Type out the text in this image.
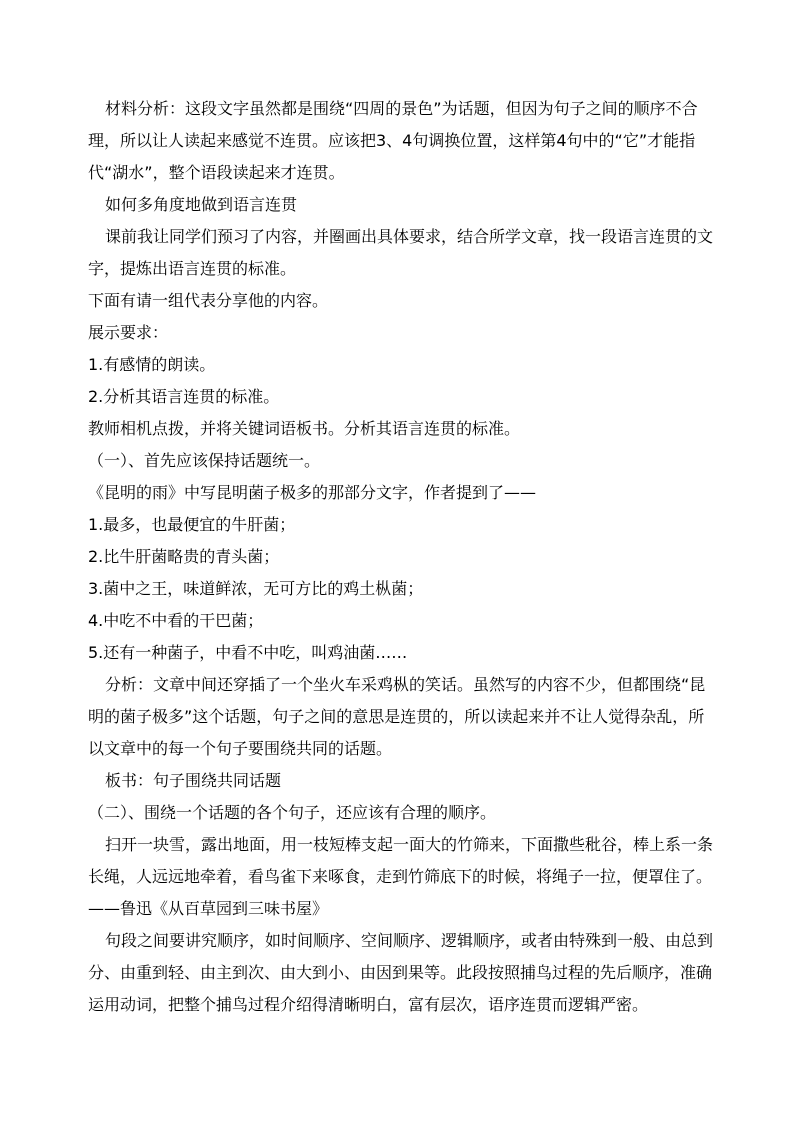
材料分析：这段文字虽然都是围绕“四周的景色”为话题，但因为句子之间的顺序不合理，所以让人读起来感觉不连贯。应该把3、4句调换位置，这样第4句中的“它”才能指代“湖水”，整个语段读起来才连贯。

如何多角度地做到语言连贯

课前我让同学们预习了内容，并圈画出具体要求，结合所学文章，找一段语言连贯的文字，提炼出语言连贯的标准。

下面有请一组代表分享他的内容。

展示要求：

1.有感情的朗读。

2.分析其语言连贯的标准。

教师相机点拨，并将关键词语板书。分析其语言连贯的标准。

（一）、首先应该保持话题统一。

《昆明的雨》中写昆明菌子极多的那部分文字，作者提到了——

1.最多，也最便宜的牛肝菌；

2.比牛肝菌略贵的青头菌；

3.菌中之王，味道鲜浓，无可方比的鸡土枞菌；

4.中吃不中看的干巴菌；

5.还有一种菌子，中看不中吃，叫鸡油菌……

分析：文章中间还穿插了一个坐火车采鸡枞的笑话。虽然写的内容不少，但都围绕“昆明的菌子极多”这个话题，句子之间的意思是连贯的，所以读起来并不让人觉得杂乱，所以文章中的每一个句子要围绕共同的话题。

板书：句子围绕共同话题

（二）、围绕一个话题的各个句子，还应该有合理的顺序。

扫开一块雪，露出地面，用一枝短棒支起一面大的竹筛来，下面撒些秕谷，棒上系一条长绳，人远远地牵着，看鸟雀下来啄食，走到竹筛底下的时候，将绳子一拉，便罩住了。

——鲁迅《从百草园到三味书屋》

句段之间要讲究顺序，如时间顺序、空间顺序、逻辑顺序，或者由特殊到一般、由总到分、由重到轻、由主到次、由大到小、由因到果等。此段按照捕鸟过程的先后顺序，准确运用动词，把整个捕鸟过程介绍得清晰明白，富有层次，语序连贯而逻辑严密。
